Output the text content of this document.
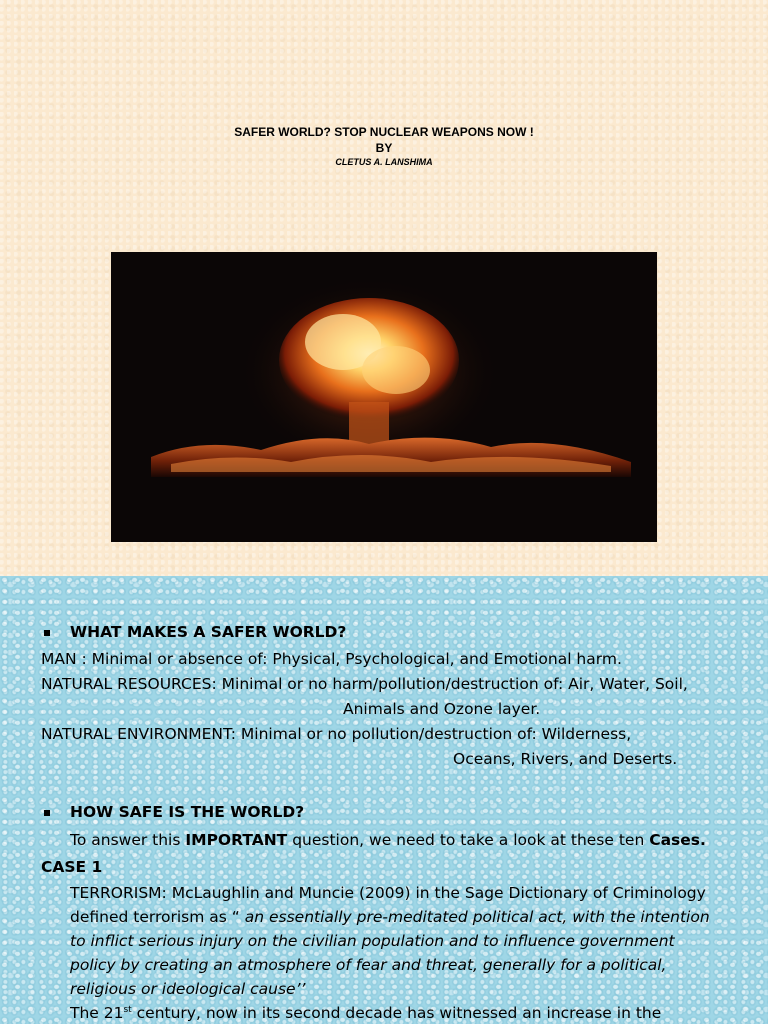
SAFER WORLD? STOP NUCLEAR WEAPONS NOW !
BY
CLETUS A. LANSHIMA
WHAT MAKES A SAFER WORLD?
MAN : Minimal or absence of: Physical, Psychological, and Emotional harm.
NATURAL RESOURCES: Minimal or no harm/pollution/destruction of: Air, Water, Soil,
Animals and Ozone layer.
NATURAL ENVIRONMENT: Minimal or no pollution/destruction of: Wilderness,
Oceans, Rivers, and Deserts.
HOW SAFE IS THE WORLD?
To answer this IMPORTANT question, we need to take a look at these ten Cases.
CASE 1
TERRORISM: McLaughlin and Muncie (2009) in the Sage Dictionary of Criminology
defined terrorism as “ an essentially pre-meditated political act, with the intention
to inflict serious injury on the civilian population and to influence government
policy by creating an atmosphere of fear and threat, generally for a political,
religious or ideological cause’’
The 21st century, now in its second decade has witnessed an increase in the
